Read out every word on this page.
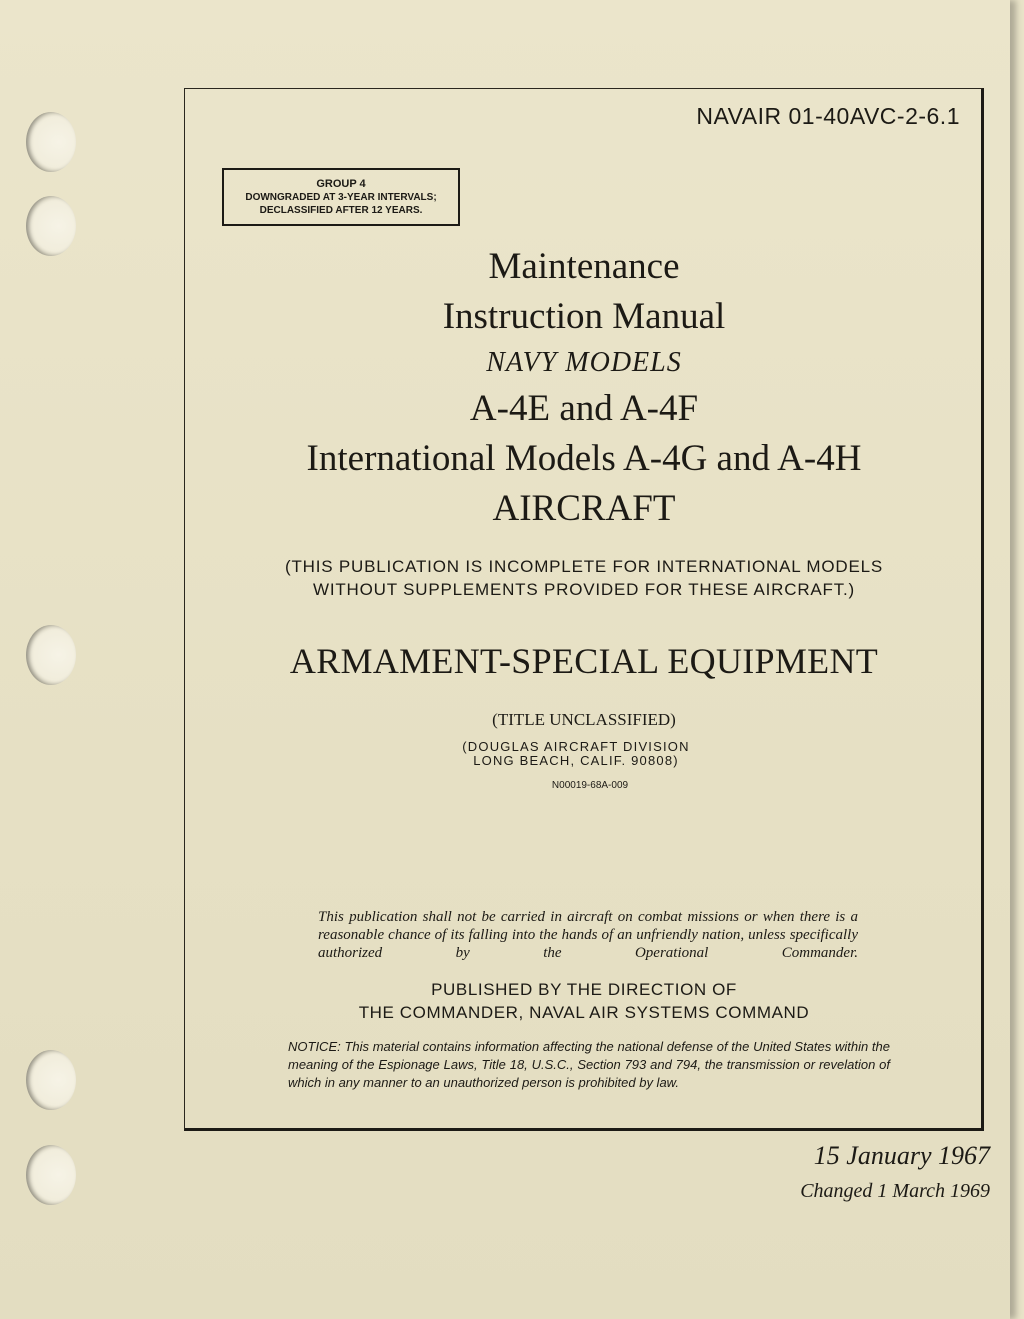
NAVAIR 01-40AVC-2-6.1
GROUP 4
DOWNGRADED AT 3-YEAR INTERVALS;
DECLASSIFIED AFTER 12 YEARS.
Maintenance
Instruction Manual
NAVY MODELS
A-4E and A-4F
International Models A-4G and A-4H
AIRCRAFT
(THIS PUBLICATION IS INCOMPLETE FOR INTERNATIONAL MODELS
WITHOUT SUPPLEMENTS PROVIDED FOR THESE AIRCRAFT.)
ARMAMENT-SPECIAL EQUIPMENT
(TITLE UNCLASSIFIED)
(DOUGLAS AIRCRAFT DIVISION
LONG BEACH, CALIF. 90808)
N00019-68A-009
This publication shall not be carried in aircraft on combat missions or when there is a reasonable chance of its falling into the hands of an unfriendly nation, unless specifically authorized by the Operational Commander.
PUBLISHED BY THE DIRECTION OF
THE COMMANDER, NAVAL AIR SYSTEMS COMMAND
NOTICE: This material contains information affecting the national defense of the United States within the meaning of the Espionage Laws, Title 18, U.S.C., Section 793 and 794, the transmission or revelation of which in any manner to an unauthorized person is prohibited by law.
15 January 1967
Changed 1 March 1969
